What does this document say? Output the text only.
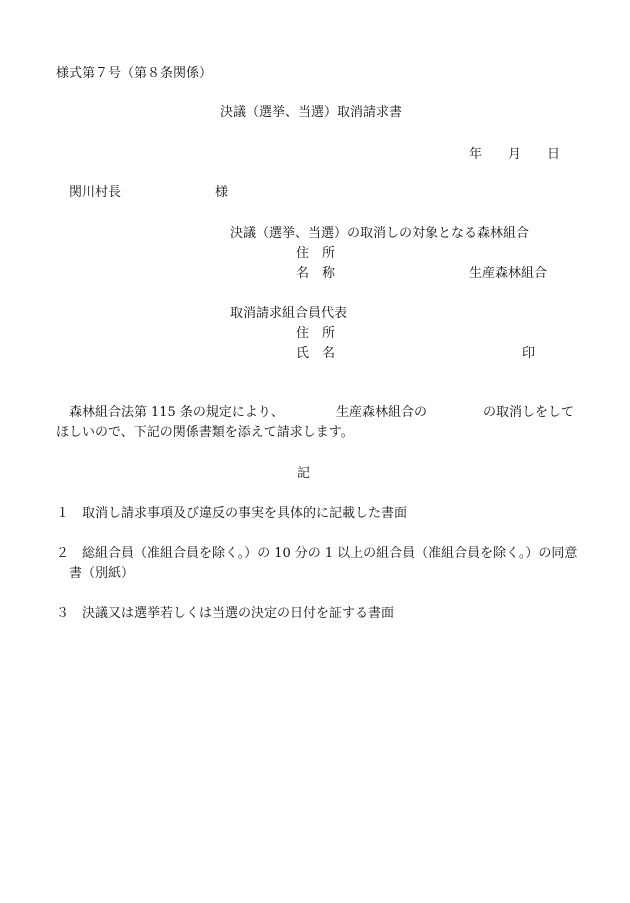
様式第７号（第８条関係）

決議（選挙、当選）取消請求書

年 月 日
関川村長	様

決議（選挙、当選）の取消しの対象となる森林組合

住　所
名　称	生産森林組合

取消請求組合員代表

住　所
氏　名	印

森林組合法第 115 条の規定により、	生産森林組合の	の取消しをして

ほしいので、下記の関係書類を添えて請求します。

記

１ 取消し請求事項及び違反の事実を具体的に記載した書面
２ 総組合員（准組合員を除く。）の 10 分の 1 以上の組合員（准組合員を除く。）の同意

書（別紙）
３ 決議又は選挙若しくは当選の決定の日付を証する書面
